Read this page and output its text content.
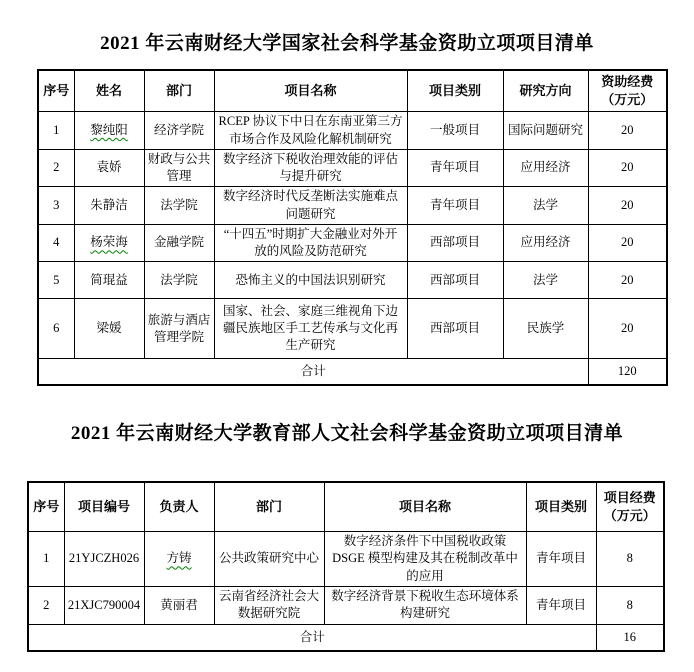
2021 年云南财经大学国家社会科学基金资助立项项目清单
序号	姓名	部门	项目名称	项目类别	研究方向	资助经费（万元）
1	黎纯阳	经济学院	RCEP 协议下中日在东南亚第三方市场合作及风险化解机制研究	一般项目	国际问题研究	20
2	袁娇	财政与公共管理	数字经济下税收治理效能的评估与提升研究	青年项目	应用经济	20
3	朱静洁	法学院	数字经济时代反垄断法实施难点问题研究	青年项目	法学	20
4	杨荣海	金融学院	“十四五”时期扩大金融业对外开放的风险及防范研究	西部项目	应用经济	20
5	简琨益	法学院	恐怖主义的中国法识别研究	西部项目	法学	20
6	梁媛	旅游与酒店管理学院	国家、社会、家庭三维视角下边疆民族地区手工艺传承与文化再生产研究	西部项目	民族学	20
合计						120
2021 年云南财经大学教育部人文社会科学基金资助立项项目清单
序号	项目编号	负责人	部门	项目名称	项目类别	项目经费（万元）
1	21YJCZH026	方铸	公共政策研究中心	数字经济条件下中国税收政策 DSGE 模型构建及其在税制改革中的应用	青年项目	8
2	21XJC790004	黄丽君	云南省经济社会大数据研究院	数字经济背景下税收生态环境体系构建研究	青年项目	8
合计						16
